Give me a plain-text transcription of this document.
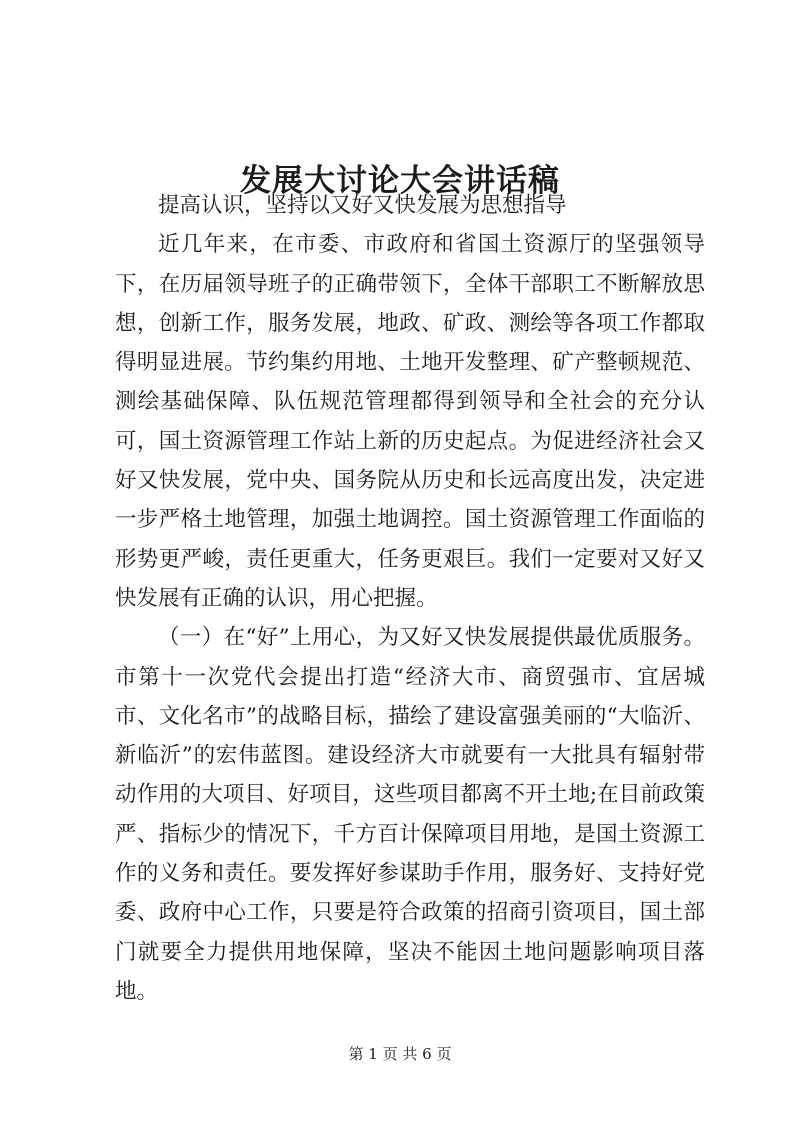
发展大讨论大会讲话稿

提高认识，坚持以又好又快发展为思想指导

近几年来，在市委、市政府和省国土资源厅的坚强领导下，在历届领导班子的正确带领下，全体干部职工不断解放思想，创新工作，服务发展，地政、矿政、测绘等各项工作都取得明显进展。节约集约用地、土地开发整理、矿产整顿规范、测绘基础保障、队伍规范管理都得到领导和全社会的充分认可，国土资源管理工作站上新的历史起点。为促进经济社会又好又快发展，党中央、国务院从历史和长远高度出发，决定进一步严格土地管理，加强土地调控。国土资源管理工作面临的形势更严峻，责任更重大，任务更艰巨。我们一定要对又好又快发展有正确的认识，用心把握。

（一）在“好”上用心，为又好又快发展提供最优质服务。市第十一次党代会提出打造“经济大市、商贸强市、宜居城市、文化名市”的战略目标，描绘了建设富强美丽的“大临沂、新临沂”的宏伟蓝图。建设经济大市就要有一大批具有辐射带动作用的大项目、好项目，这些项目都离不开土地;在目前政策严、指标少的情况下，千方百计保障项目用地，是国土资源工作的义务和责任。要发挥好参谋助手作用，服务好、支持好党委、政府中心工作，只要是符合政策的招商引资项目，国土部门就要全力提供用地保障，坚决不能因土地问题影响项目落地。

第 1 页 共 6 页
